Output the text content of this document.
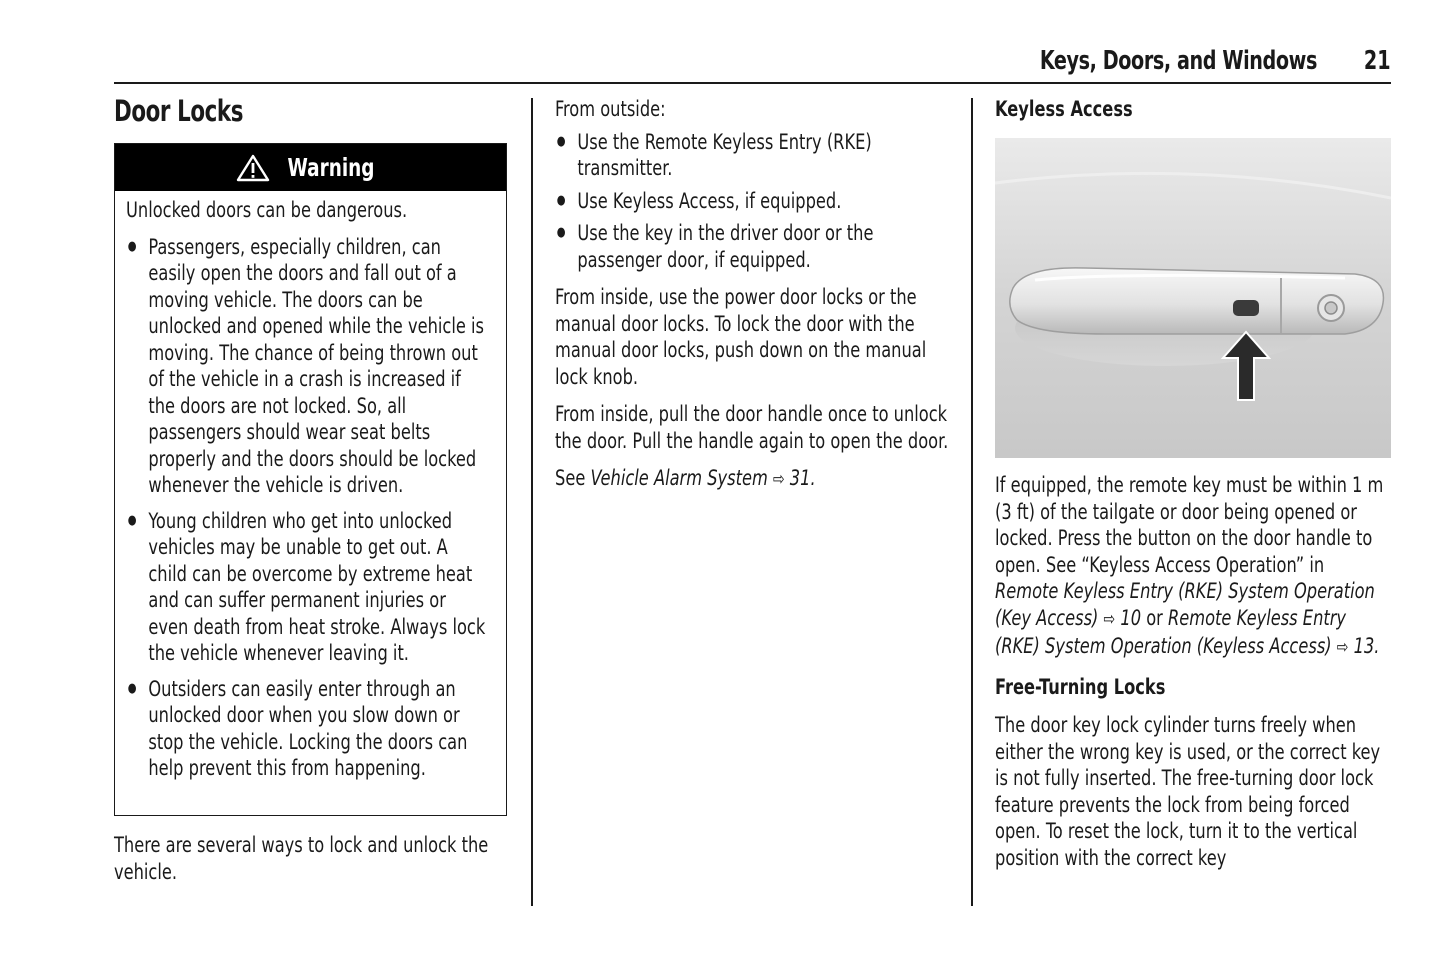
Keys, Doors, and Windows 21
Door Locks
Warning

Unlocked doors can be dangerous.

● Passengers, especially children, can easily open the doors and fall out of a moving vehicle. The doors can be unlocked and opened while the vehicle is moving. The chance of being thrown out of the vehicle in a crash is increased if the doors are not locked. So, all passengers should wear seat belts properly and the doors should be locked whenever the vehicle is driven.
● Young children who get into unlocked vehicles may be unable to get out. A child can be overcome by extreme heat and can suffer permanent injuries or even death from heat stroke. Always lock the vehicle whenever leaving it.
● Outsiders can easily enter through an unlocked door when you slow down or stop the vehicle. Locking the doors can help prevent this from happening.

There are several ways to lock and unlock the vehicle.

From outside:

● Use the Remote Keyless Entry (RKE) transmitter.
● Use Keyless Access, if equipped.
● Use the key in the driver door or the passenger door, if equipped.

From inside, use the power door locks or the manual door locks. To lock the door with the manual door locks, push down on the manual lock knob.

From inside, pull the door handle once to unlock the door. Pull the handle again to open the door.

See Vehicle Alarm System ⇨ 31.

Keyless Access

If equipped, the remote key must be within 1 m (3 ft) of the tailgate or door being opened or locked. Press the button on the door handle to open. See “Keyless Access Operation” in Remote Keyless Entry (RKE) System Operation (Key Access) ⇨ 10 or Remote Keyless Entry (RKE) System Operation (Keyless Access) ⇨ 13.

Free-Turning Locks

The door key lock cylinder turns freely when either the wrong key is used, or the correct key is not fully inserted. The free-turning door lock feature prevents the lock from being forced open. To reset the lock, turn it to the vertical position with the correct key
